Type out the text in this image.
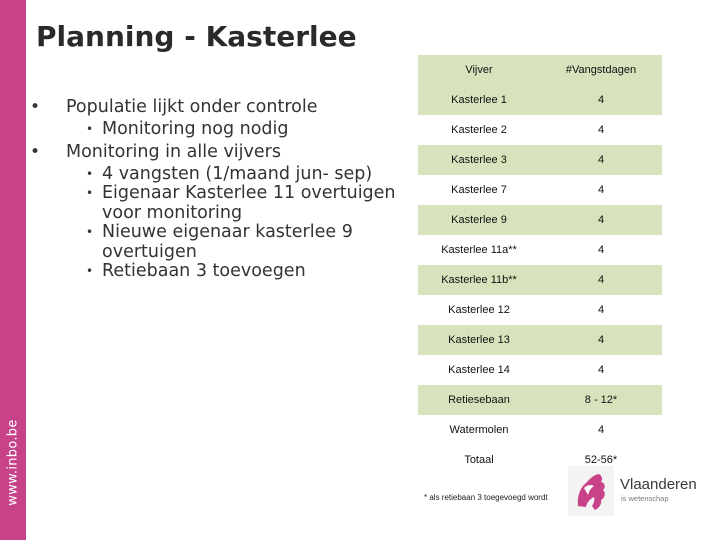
www.inbo.be
Planning - Kasterlee
• Populatie lijkt onder controle
• Monitoring nog nodig
• Monitoring in alle vijvers
• 4 vangsten (1/maand jun- sep)
• Eigenaar Kasterlee 11 overtuigen voor monitoring
• Nieuwe eigenaar kasterlee 9 overtuigen
• Retiebaan 3 toevoegen
Vijver	#Vangstdagen
Kasterlee 1	4
Kasterlee 2	4
Kasterlee 3	4
Kasterlee 7	4
Kasterlee 9	4
Kasterlee 11a**	4
Kasterlee 11b**	4
Kasterlee 12	4
Kasterlee 13	4
Kasterlee 14	4
Retiesebaan	8 - 12*
Watermolen	4
Totaal	52-56*
* als retiebaan 3 toegevoegd wordt
Vlaanderen
is wetenschap
